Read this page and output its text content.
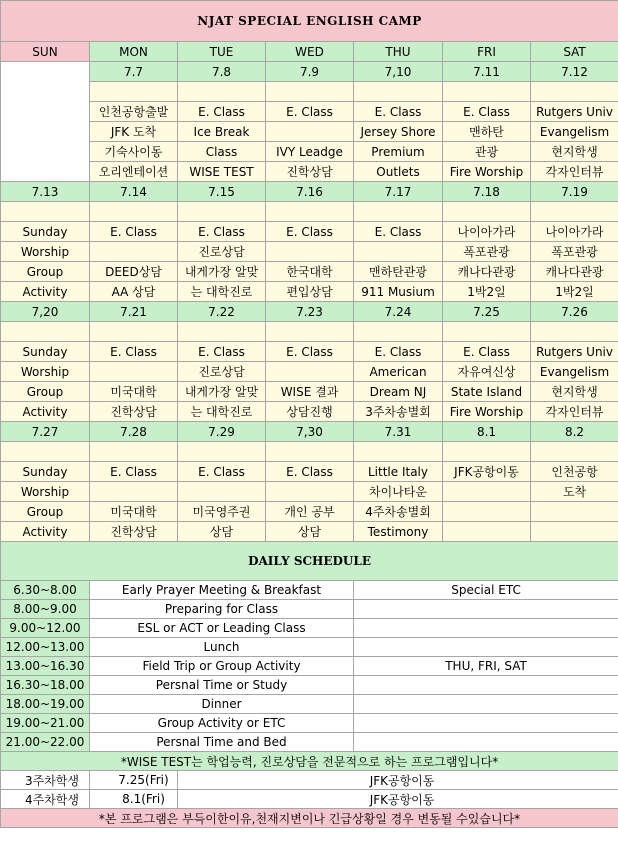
NJAT SPECIAL ENGLISH CAMP						
SUN	MON	TUE	WED	THU	FRI	SAT
	7.7	7.8	7.9	7,10	7.11	7.12

	인천공항출발	E. Class	E. Class	E. Class	E. Class	Rutgers Univ
	JFK 도착	Ice Break		Jersey Shore	맨하탄	Evangelism
	기숙사이동	Class	IVY Leadge	Premium	관광	현지학생
	오리엔테이션	WISE TEST	진학상담	Outlets	Fire Worship	각자인터뷰
7.13	7.14	7.15	7.16	7.17	7.18	7.19

Sunday	E. Class	E. Class	E. Class	E. Class	나이아가라	나이아가라
Worship		진로상담			폭포관광	폭포관광
Group	DEED상담	내게가장 알맞	한국대학	맨하탄관광	캐나다관광	캐나다관광
Activity	AA 상담	는 대학진로	편입상담	911 Musium	1박2일	1박2일
7,20	7.21	7.22	7.23	7.24	7.25	7.26

Sunday	E. Class	E. Class	E. Class	E. Class	E. Class	Rutgers Univ
Worship		진로상담		American	자유여신상	Evangelism
Group	미국대학	내게가장 알맞	WISE 결과	Dream NJ	State Island	현지학생
Activity	진학상담	는 대학진로	상담진행	3주차송별회	Fire Worship	각자인터뷰
7.27	7.28	7.29	7,30	7.31	8.1	8.2

Sunday	E. Class	E. Class	E. Class	Little Italy	JFK공항이동	인천공항
Worship				차이나타운		도착
Group	미국대학	미국영주권	개인 공부	4주차송별회		
Activity	진학상담	상담	상담	Testimony		
DAILY SCHEDULE						
6.30~8.00	Early Prayer Meeting & Breakfast			Special ETC		
8.00~9.00	Preparing for Class					
9.00~12.00	ESL or ACT or Leading Class					
12.00~13.00	Lunch					
13.00~16.30	Field Trip or Group Activity			THU, FRI, SAT		
16.30~18.00	Persnal Time or Study					
18.00~19.00	Dinner					
19.00~21.00	Group Activity or ETC					
21.00~22.00	Persnal Time and Bed					
*WISE TEST는 학업능력, 진로상담을 전문적으로 하는 프로그램입니다*						
3주차학생	7.25(Fri)	JFK공항이동				
4주차학생	8.1(Fri)	JFK공항이동				
*본 프로그램은 부득이한이유,천재지변이나 긴급상황일 경우 변동될 수있습니다*						
